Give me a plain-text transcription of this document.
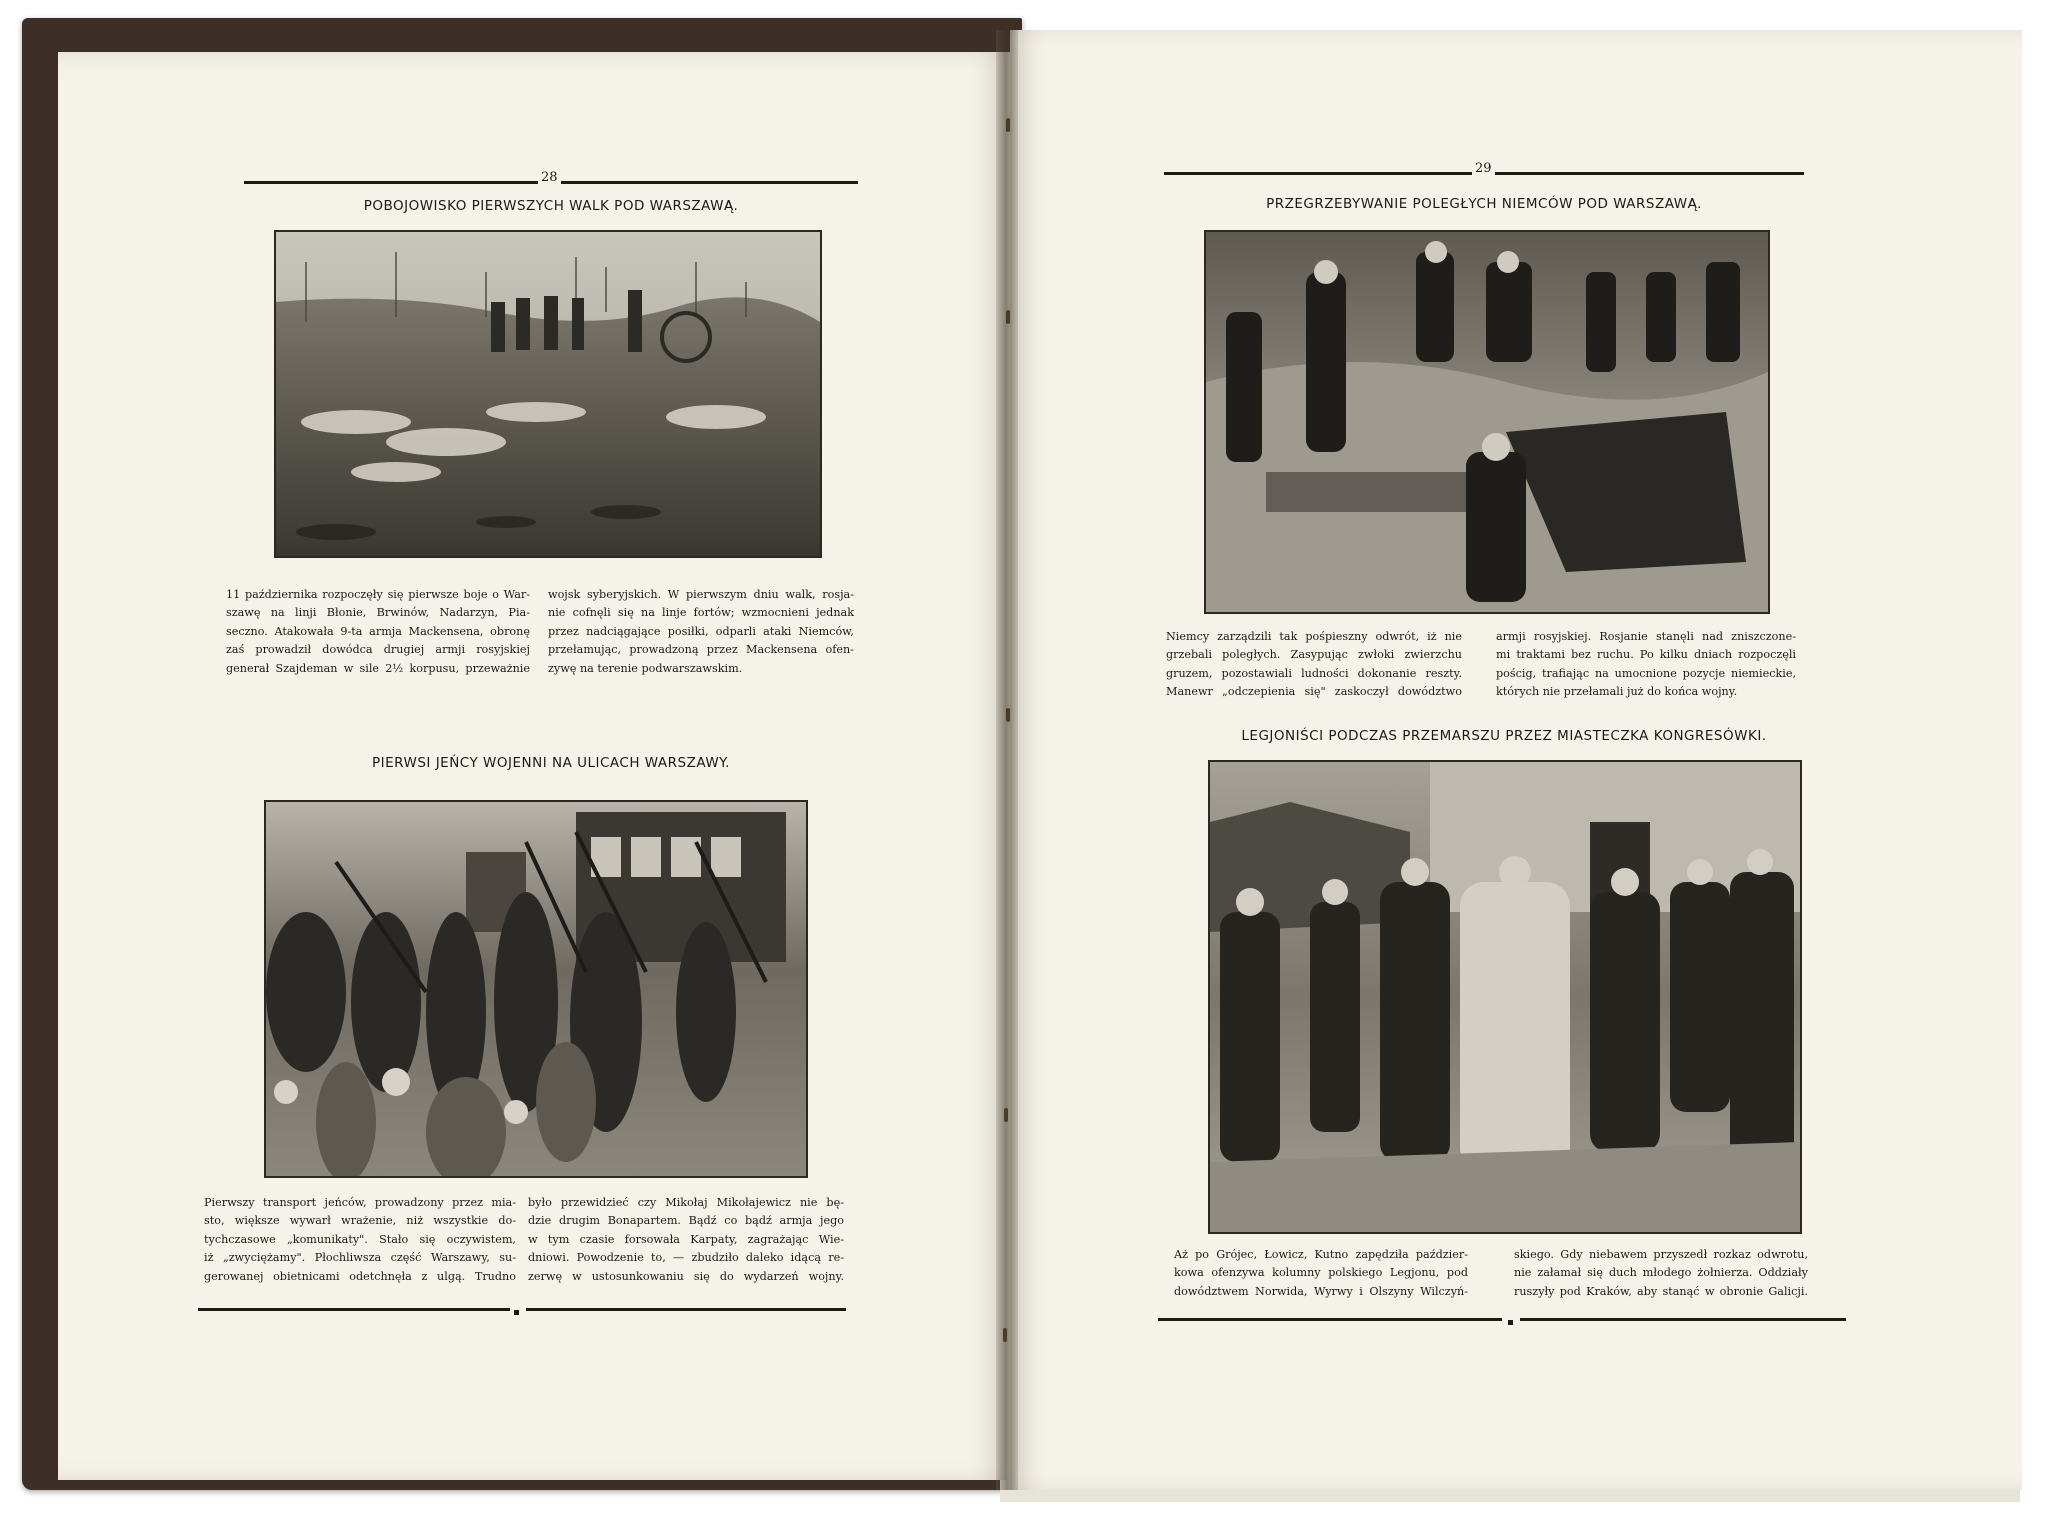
28
POBOJOWISKO PIERWSZYCH WALK POD WARSZAWĄ.
11 października rozpoczęły się pierwsze boje o War-
szawę na linji Błonie, Brwinów, Nadarzyn, Pia-
seczno. Atakowała 9-ta armja Mackensena, obronę
zaś prowadził dowódca drugiej armji rosyjskiej
generał Szajdeman w sile 2½ korpusu, przeważnie
wojsk syberyjskich. W pierwszym dniu walk, rosja-
nie cofnęli się na linje fortów; wzmocnieni jednak
przez nadciągające posiłki, odparli ataki Niemców,
przełamując, prowadzoną przez Mackensena ofen-
zywę na terenie podwarszawskim.
PIERWSI JEŃCY WOJENNI NA ULICACH WARSZAWY.
Pierwszy transport jeńców, prowadzony przez mia-
sto, większe wywarł wrażenie, niż wszystkie do-
tychczasowe „komunikaty". Stało się oczywistem,
iż „zwyciężamy". Płochliwsza część Warszawy, su-
gerowanej obietnicami odetchnęła z ulgą. Trudno
było przewidzieć czy Mikołaj Mikołajewicz nie bę-
dzie drugim Bonapartem. Bądź co bądź armja jego
w tym czasie forsowała Karpaty, zagrażając Wie-
dniowi. Powodzenie to, — zbudziło daleko idącą re-
zerwę w ustosunkowaniu się do wydarzeń wojny.
29
PRZEGRZEBYWANIE POLEGŁYCH NIEMCÓW POD WARSZAWĄ.
Niemcy zarządzili tak pośpieszny odwrót, iż nie
grzebali poległych. Zasypując zwłoki zwierzchu
gruzem, pozostawiali ludności dokonanie reszty.
Manewr „odczepienia się" zaskoczył dowództwo
armji rosyjskiej. Rosjanie stanęli nad zniszczone-
mi traktami bez ruchu. Po kilku dniach rozpoczęli
pościg, trafiając na umocnione pozycje niemieckie,
których nie przełamali już do końca wojny.
LEGJONIŚCI PODCZAS PRZEMARSZU PRZEZ MIASTECZKA KONGRESÓWKI.
Aż po Grójec, Łowicz, Kutno zapędziła paździer-
kowa ofenzywa kolumny polskiego Legjonu, pod
dowództwem Norwida, Wyrwy i Olszyny Wilczyń-
skiego. Gdy niebawem przyszedł rozkaz odwrotu,
nie załamał się duch młodego żołnierza. Oddziały
ruszyły pod Kraków, aby stanąć w obronie Galicji.
